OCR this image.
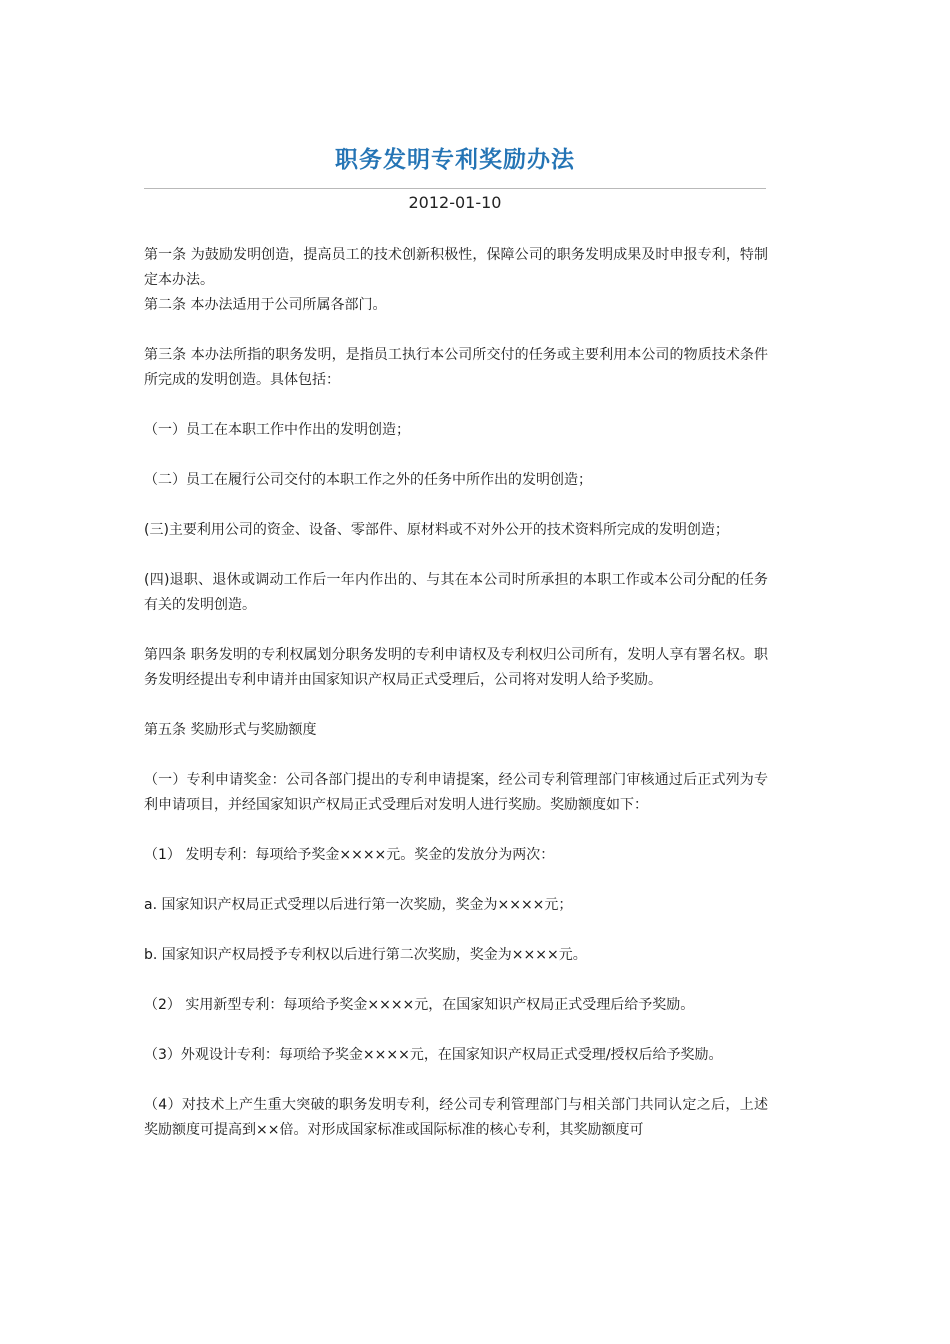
职务发明专利奖励办法
2012-01-10

第一条 为鼓励发明创造，提高员工的技术创新积极性，保障公司的职务发明成果及时申报专利，特制定本办法。

第二条 本办法适用于公司所属各部门。

第三条 本办法所指的职务发明，是指员工执行本公司所交付的任务或主要利用本公司的物质技术条件所完成的发明创造。具体包括：

（一）员工在本职工作中作出的发明创造；

（二）员工在履行公司交付的本职工作之外的任务中所作出的发明创造；

(三)主要利用公司的资金、设备、零部件、原材料或不对外公开的技术资料所完成的发明创造；

(四)退职、退休或调动工作后一年内作出的、与其在本公司时所承担的本职工作或本公司分配的任务有关的发明创造。

第四条 职务发明的专利权属划分职务发明的专利申请权及专利权归公司所有，发明人享有署名权。职务发明经提出专利申请并由国家知识产权局正式受理后，公司将对发明人给予奖励。

第五条 奖励形式与奖励额度

（一）专利申请奖金：公司各部门提出的专利申请提案，经公司专利管理部门审核通过后正式列为专利申请项目，并经国家知识产权局正式受理后对发明人进行奖励。奖励额度如下：

（1） 发明专利：每项给予奖金××××元。奖金的发放分为两次：

a. 国家知识产权局正式受理以后进行第一次奖励，奖金为××××元；

b. 国家知识产权局授予专利权以后进行第二次奖励，奖金为××××元。

（2） 实用新型专利：每项给予奖金××××元，在国家知识产权局正式受理后给予奖励。

（3）外观设计专利：每项给予奖金××××元，在国家知识产权局正式受理/授权后给予奖励。

（4）对技术上产生重大突破的职务发明专利，经公司专利管理部门与相关部门共同认定之后，上述奖励额度可提高到××倍。对形成国家标准或国际标准的核心专利，其奖励额度可
